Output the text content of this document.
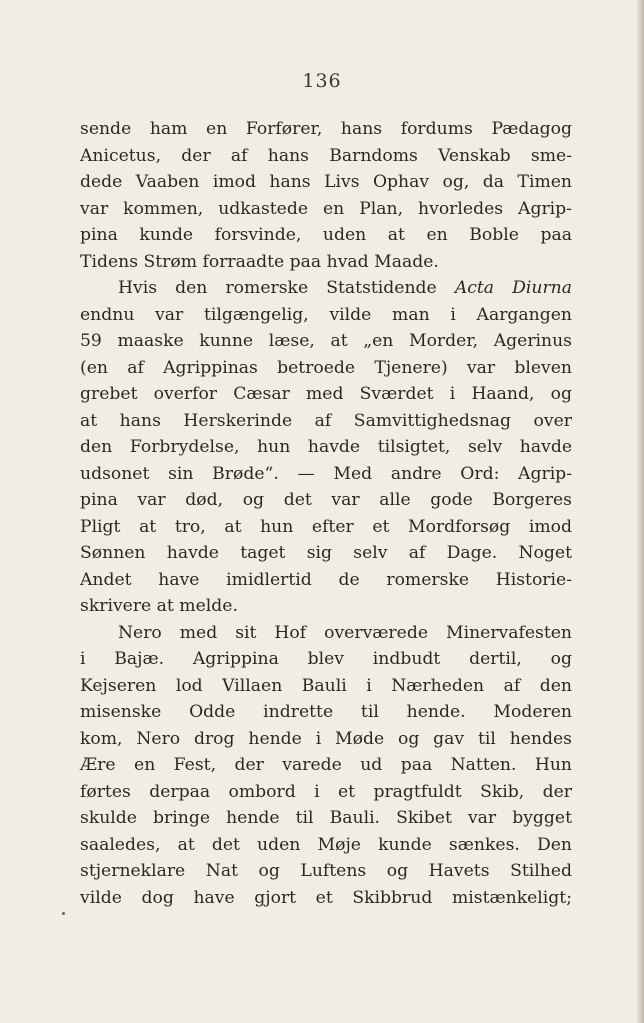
136
sende ham en Forfører, hans fordums Pædagog
Anicetus, der af hans Barndoms Venskab sme-
dede Vaaben imod hans Livs Ophav og, da Timen
var kommen, udkastede en Plan, hvorledes Agrip-
pina kunde forsvinde, uden at en Boble paa
Tidens Strøm forraadte paa hvad Maade.
Hvis den romerske Statstidende Acta Diurna
endnu var tilgængelig, vilde man i Aargangen
59 maaske kunne læse, at „en Morder, Agerinus
(en af Agrippinas betroede Tjenere) var bleven
grebet overfor Cæsar med Sværdet i Haand, og
at hans Herskerinde af Samvittighedsnag over
den Forbrydelse, hun havde tilsigtet, selv havde
udsonet sin Brøde“. — Med andre Ord: Agrip-
pina var død, og det var alle gode Borgeres
Pligt at tro, at hun efter et Mordforsøg imod
Sønnen havde taget sig selv af Dage. Noget
Andet have imidlertid de romerske Historie-
skrivere at melde.
Nero med sit Hof overværede Minervafesten
i Bajæ. Agrippina blev indbudt dertil, og
Kejseren lod Villaen Bauli i Nærheden af den
misenske Odde indrette til hende. Moderen
kom, Nero drog hende i Møde og gav til hendes
Ære en Fest, der varede ud paa Natten. Hun
førtes derpaa ombord i et pragtfuldt Skib, der
skulde bringe hende til Bauli. Skibet var bygget
saaledes, at det uden Møje kunde sænkes. Den
stjerneklare Nat og Luftens og Havets Stilhed
vilde dog have gjort et Skibbrud mistænkeligt;
